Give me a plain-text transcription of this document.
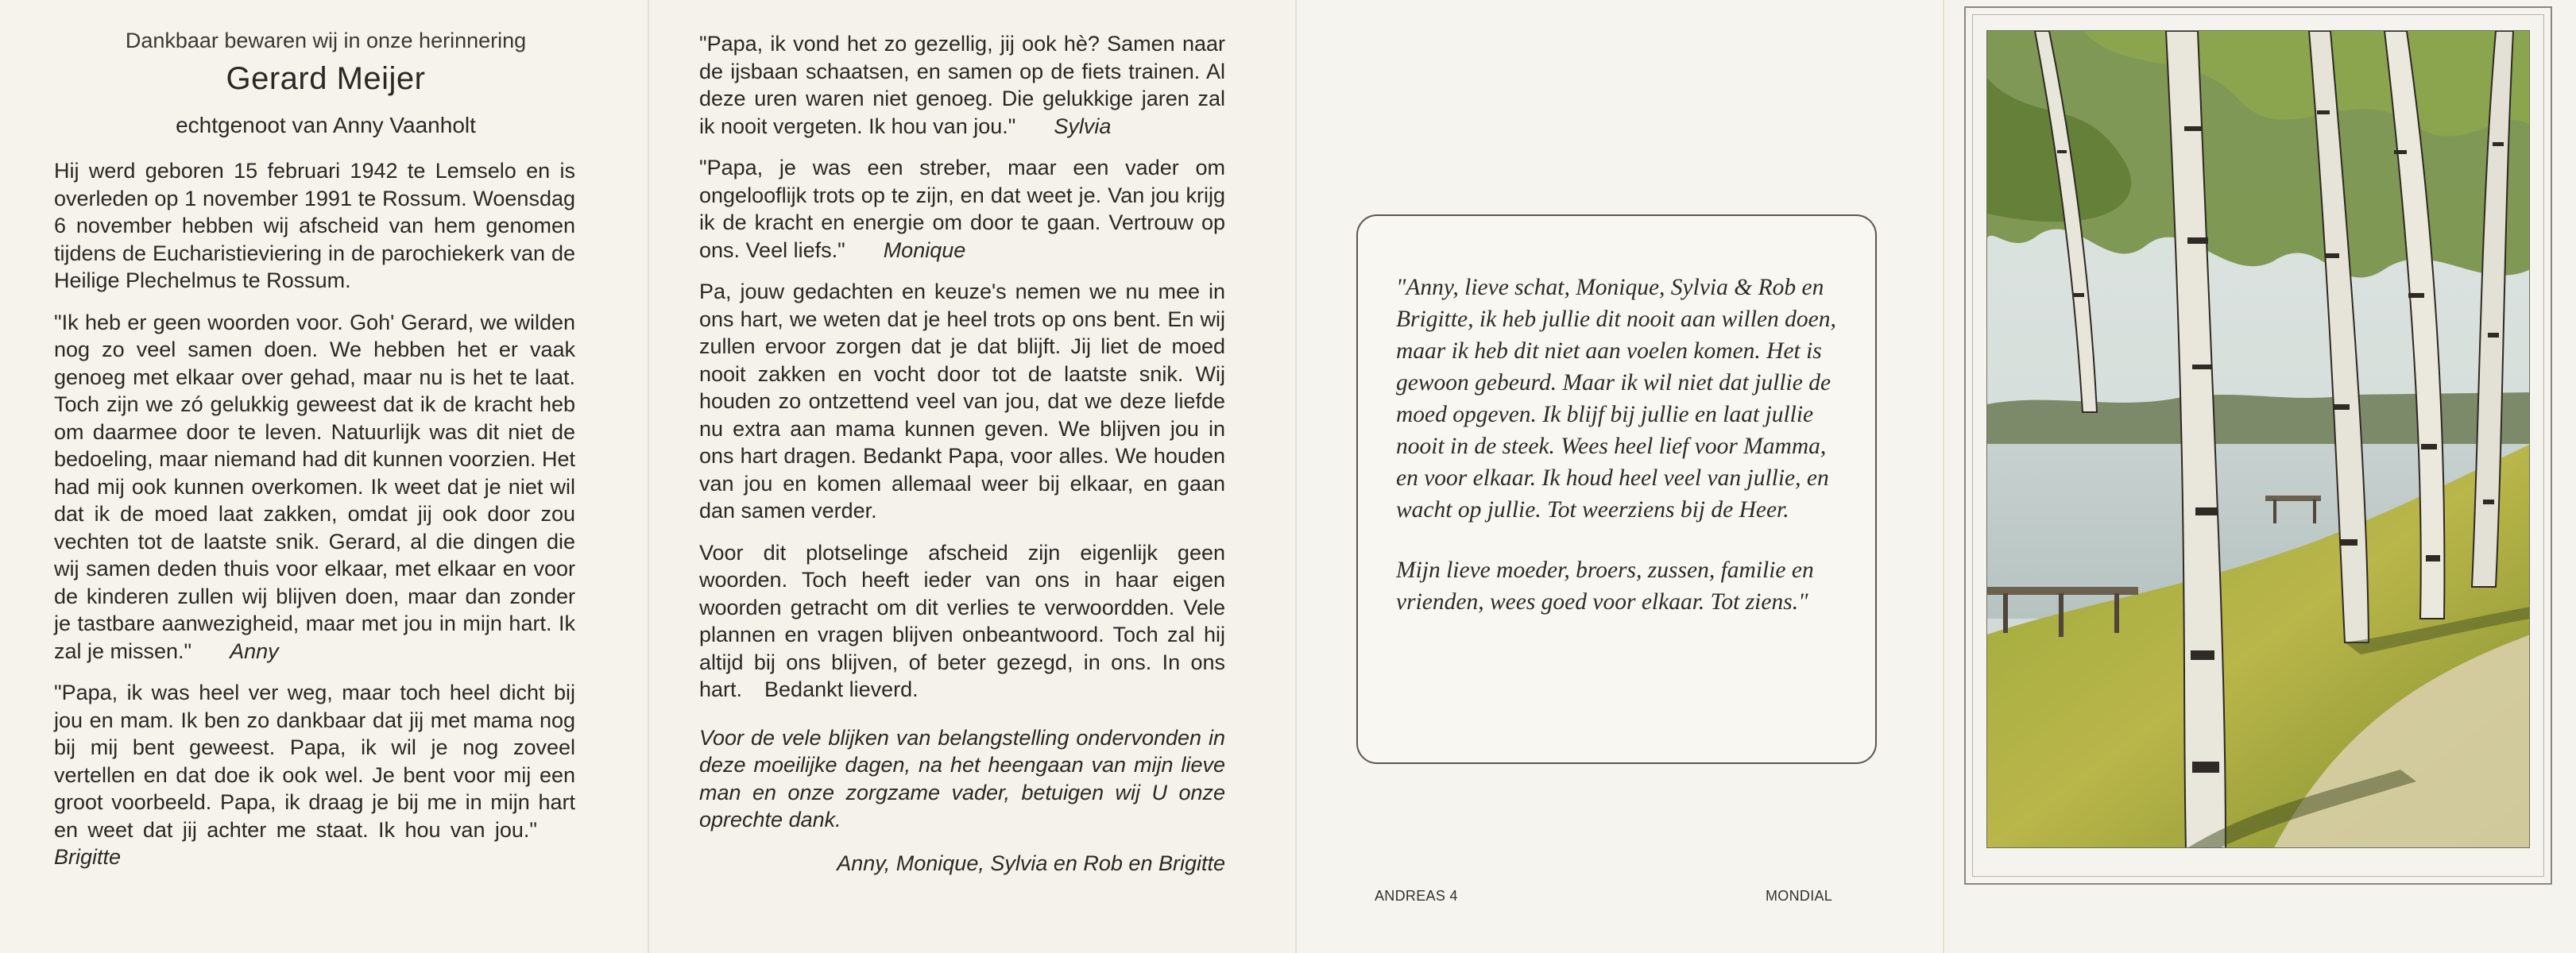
Dankbaar bewaren wij in onze herinnering
Gerard Meijer
echtgenoot van Anny Vaanholt

Hij werd geboren 15 februari 1942 te Lemselo en is overleden op 1 november 1991 te Rossum. Woensdag 6 november hebben wij afscheid van hem genomen tijdens de Eucharistieviering in de parochiekerk van de Heilige Plechelmus te Rossum.

"Ik heb er geen woorden voor. Goh' Gerard, we wilden nog zo veel samen doen. We hebben het er vaak genoeg met elkaar over gehad, maar nu is het te laat. Toch zijn we zó gelukkig geweest dat ik de kracht heb om daarmee door te leven. Natuurlijk was dit niet de bedoeling, maar niemand had dit kunnen voorzien. Het had mij ook kunnen overkomen. Ik weet dat je niet wil dat ik de moed laat zakken, omdat jij ook door zou vechten tot de laatste snik. Gerard, al die dingen die wij samen deden thuis voor elkaar, met elkaar en voor de kinderen zullen wij blijven doen, maar dan zonder je tastbare aanwezigheid, maar met jou in mijn hart. Ik zal je missen." Anny

"Papa, ik was heel ver weg, maar toch heel dicht bij jou en mam. Ik ben zo dankbaar dat jij met mama nog bij mij bent geweest. Papa, ik wil je nog zoveel vertellen en dat doe ik ook wel. Je bent voor mij een groot voorbeeld. Papa, ik draag je bij me in mijn hart en weet dat jij achter me staat. Ik hou van jou."Brigitte

"Papa, ik vond het zo gezellig, jij ook hè? Samen naar de ijsbaan schaatsen, en samen op de fiets trainen. Al deze uren waren niet genoeg. Die gelukkige jaren zal ik nooit vergeten. Ik hou van jou." Sylvia

"Papa, je was een streber, maar een vader om ongelooflijk trots op te zijn, en dat weet je. Van jou krijg ik de kracht en energie om door te gaan. Vertrouw op ons. Veel liefs." Monique

Pa, jouw gedachten en keuze's nemen we nu mee in ons hart, we weten dat je heel trots op ons bent. En wij zullen ervoor zorgen dat je dat blijft. Jij liet de moed nooit zakken en vocht door tot de laatste snik. Wij houden zo ontzettend veel van jou, dat we deze liefde nu extra aan mama kunnen geven. We blijven jou in ons hart dragen. Bedankt Papa, voor alles. We houden van jou en komen allemaal weer bij elkaar, en gaan dan samen verder.

Voor dit plotselinge afscheid zijn eigenlijk geen woorden. Toch heeft ieder van ons in haar eigen woorden getracht om dit verlies te verwoordden. Vele plannen en vragen blijven onbeantwoord. Toch zal hij altijd bij ons blijven, of beter gezegd, in ons. In ons hart. Bedankt lieverd.

Voor de vele blijken van belangstelling ondervonden in deze moeilijke dagen, na het heengaan van mijn lieve man en onze zorgzame vader, betuigen wij U onze oprechte dank.

Anny, Monique, Sylvia en Rob en Brigitte

"Anny, lieve schat, Monique, Sylvia & Rob en Brigitte, ik heb jullie dit nooit aan willen doen, maar ik heb dit niet aan voelen komen. Het is gewoon gebeurd. Maar ik wil niet dat jullie de moed opgeven. Ik blijf bij jullie en laat jullie nooit in de steek. Wees heel lief voor Mamma, en voor elkaar. Ik houd heel veel van jullie, en wacht op jullie. Tot weerziens bij de Heer.

Mijn lieve moeder, broers, zussen, familie en vrienden, wees goed voor elkaar. Tot ziens."

ANDREAS 4	MONDIAL
